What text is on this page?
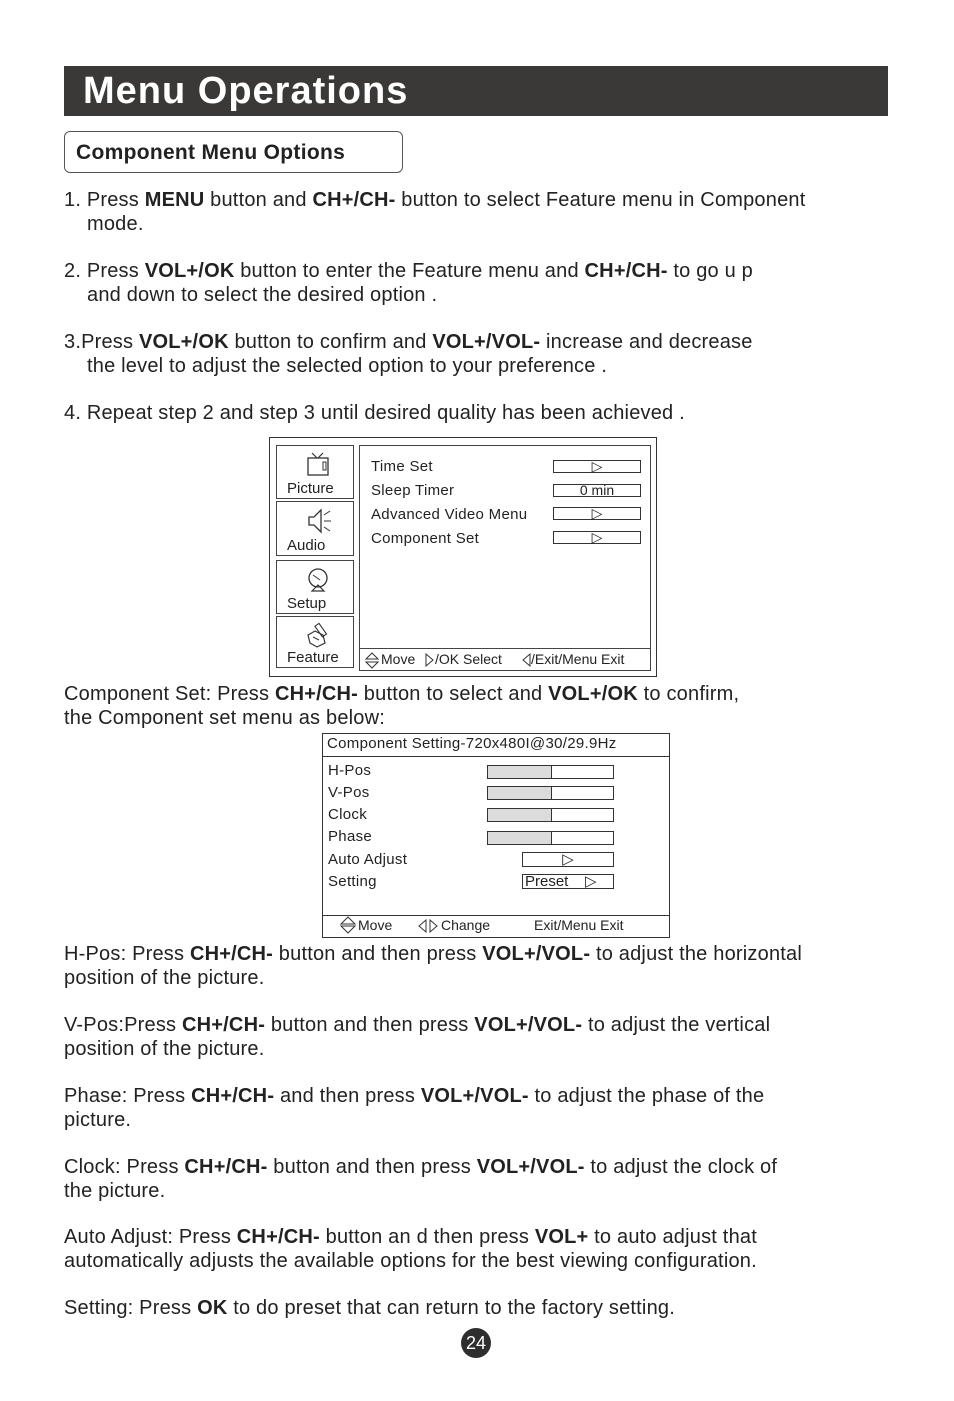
Menu Operations
Component Menu Options
1. Press MENU button and CH+/CH- button to select Feature menu in Component
mode.
2. Press VOL+/OK button to enter the Feature menu and CH+/CH- to go u p
and down to select the desired option .
3.Press VOL+/OK button to confirm and VOL+/VOL- increase and decrease
the level to adjust the selected option to your preference .
4. Repeat step 2 and step 3 until desired quality has been achieved .
Picture
Audio
Setup
Feature
Time Set
Sleep Timer
Advanced Video Menu
Component Set
▷
0 min
▷
▷
Move /OK Select /Exit/Menu Exit
Component Set: Press CH+/CH- button to select and VOL+/OK to confirm,
the Component set menu as below:
Component Setting-720x480I@30/29.9Hz
H-Pos
V-Pos
Clock
Phase
Auto Adjust
Setting
▷
Preset ▷
Move	Change	Exit/Menu Exit
H-Pos: Press CH+/CH- button and then press VOL+/VOL- to adjust the horizontal
position of the picture.
V-Pos:Press CH+/CH- button and then press VOL+/VOL- to adjust the vertical
position of the picture.
Phase: Press CH+/CH- and then press VOL+/VOL- to adjust the phase of the
picture.
Clock: Press CH+/CH- button and then press VOL+/VOL- to adjust the clock of
the picture.
Auto Adjust: Press CH+/CH- button an d then press VOL+ to auto adjust that
automatically adjusts the available options for the best viewing configuration.
Setting: Press OK to do preset that can return to the factory setting.
24
